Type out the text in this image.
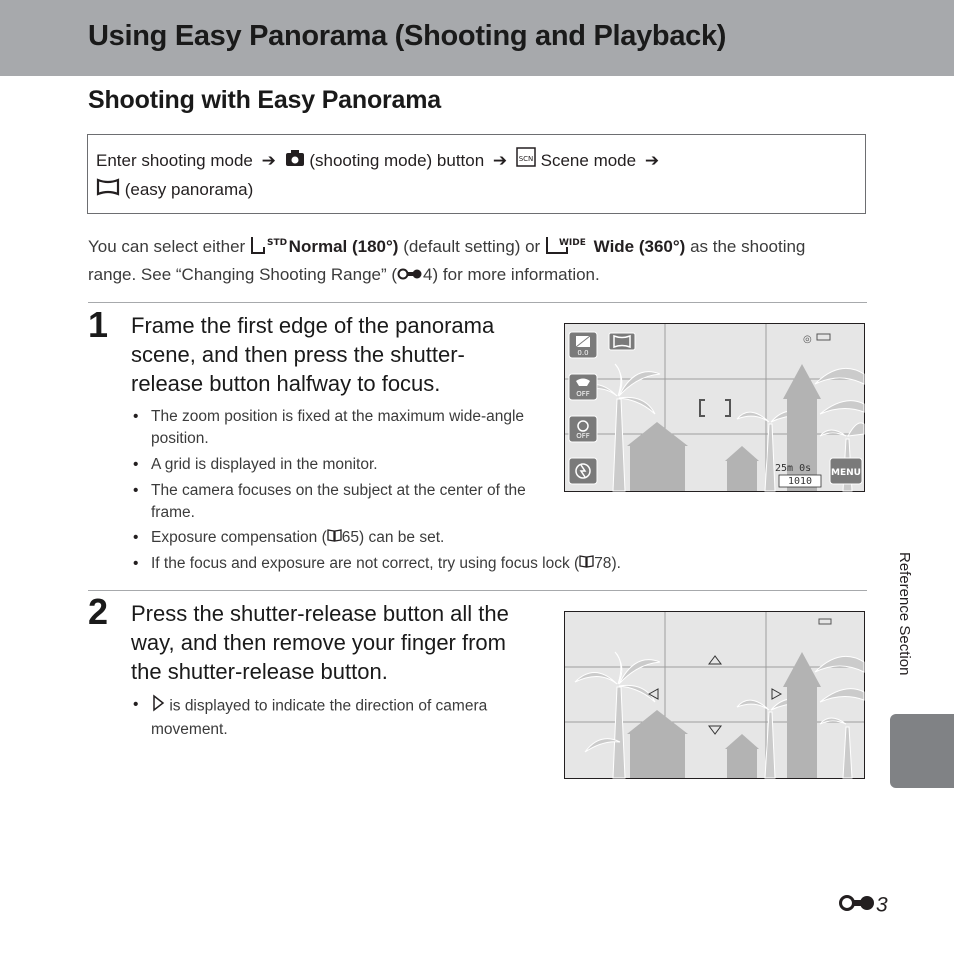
Using Easy Panorama (Shooting and Playback)
Shooting with Easy Panorama
Enter shooting mode ➔ (shooting mode) button ➔ SCN Scene mode ➔
(easy panorama)

You can select either STD Normal (180°) (default setting) or WIDE Wide (360°) as the shooting range. See “Changing Shooting Range” ( 4) for more information.

1 Frame the first edge of the panorama scene, and then press the shutter-release button halfway to focus.

• The zoom position is fixed at the maximum wide-angle position.
• A grid is displayed in the monitor.
• The camera focuses on the subject at the center of the frame.
• Exposure compensation ( 65) can be set.
• If the focus and exposure are not correct, try using focus lock ( 78).
0.0
OFF
OFF
◎
25m 0s
1010
MENU
2 Press the shutter-release button all the way, and then remove your finger from the shutter-release button.

• is displayed to indicate the direction of camera movement.

Reference Section

3
